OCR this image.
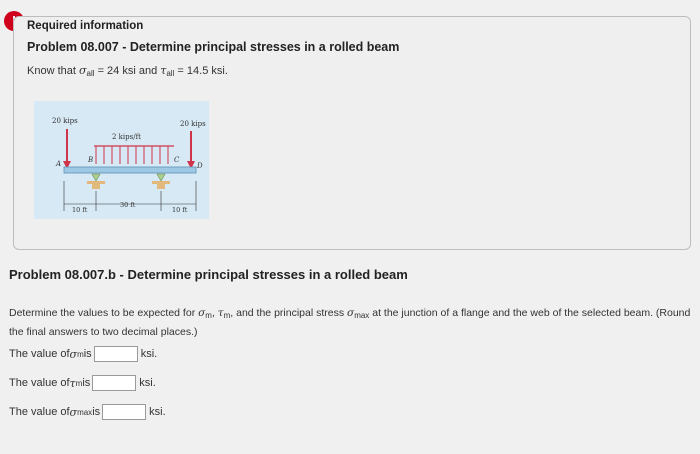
Required information
Problem 08.007 - Determine principal stresses in a rolled beam
Know that $\sigma_{all} = 24$ ksi and $\tau_{all} = 14.5$ ksi.
20 kips	20 kips
2 kips/ft
A	B	C
D
10 ft
30 ft
10 ft
Problem 08.007.b - Determine principal stresses in a rolled beam
Determine the values to be expected for $\sigma_m$, $\tau_m$, and the principal stress $\sigma_{max}$ at the junction of a flange and the web of the selected beam. (Round the final answers to two decimal places.)
The value of σ m is	ksi.
The value of τ m is	ksi.
The value of σ max is	ksi.
